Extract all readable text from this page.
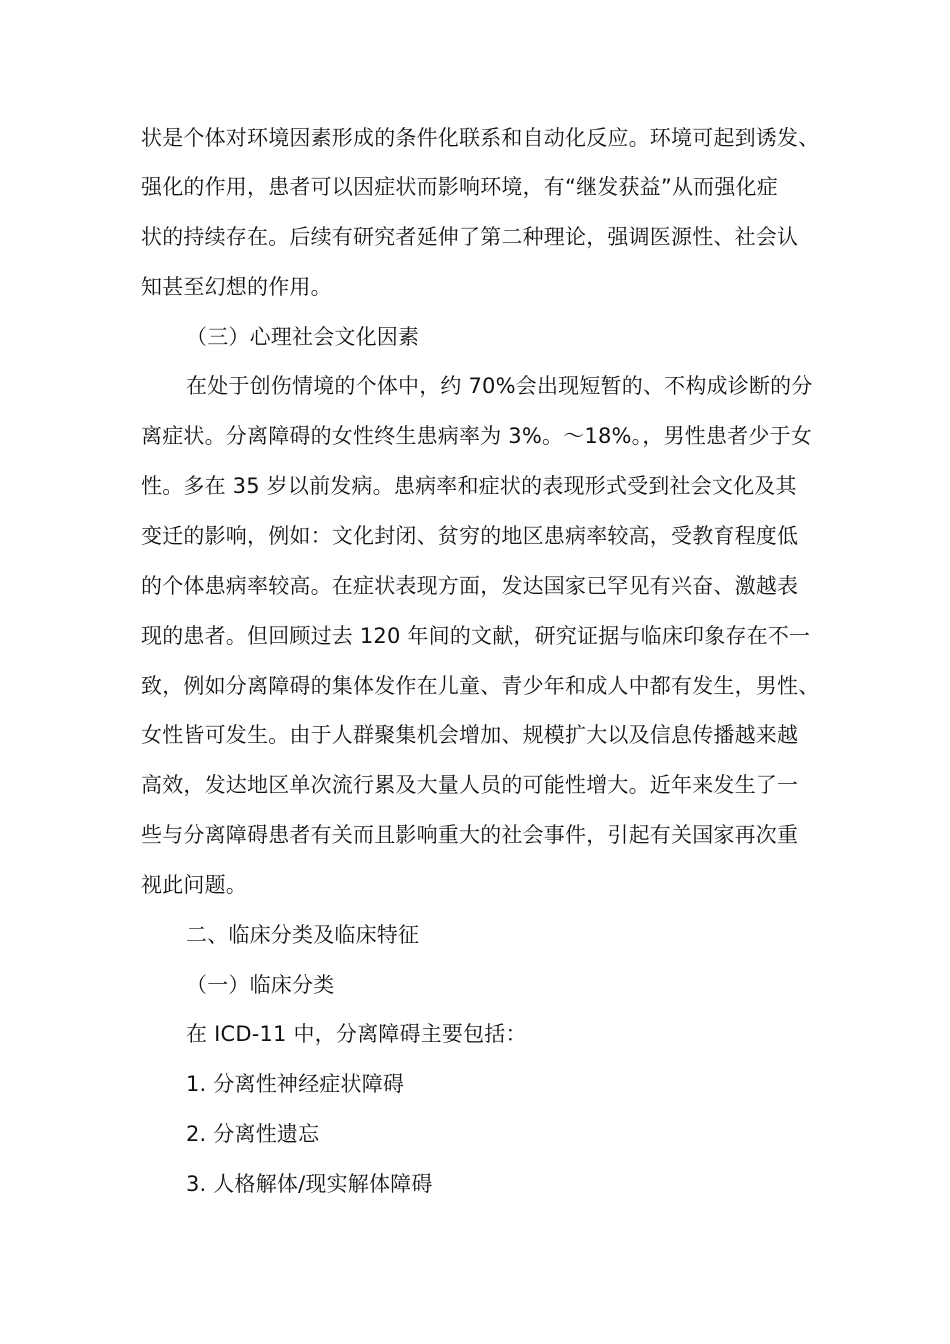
状是个体对环境因素形成的条件化联系和自动化反应。环境可起到诱发、
强化的作用，患者可以因症状而影响环境，有“继发获益”从而强化症
状的持续存在。后续有研究者延伸了第二种理论，强调医源性、社会认
知甚至幻想的作用。
（三）心理社会文化因素
在处于创伤情境的个体中，约 70%会出现短暂的、不构成诊断的分
离症状。分离障碍的女性终生患病率为 3%。～18%。，男性患者少于女
性。多在 35 岁以前发病。患病率和症状的表现形式受到社会文化及其
变迁的影响，例如：文化封闭、贫穷的地区患病率较高，受教育程度低
的个体患病率较高。在症状表现方面，发达国家已罕见有兴奋、激越表
现的患者。但回顾过去 120 年间的文献，研究证据与临床印象存在不一
致，例如分离障碍的集体发作在儿童、青少年和成人中都有发生，男性、
女性皆可发生。由于人群聚集机会增加、规模扩大以及信息传播越来越
高效，发达地区单次流行累及大量人员的可能性增大。近年来发生了一
些与分离障碍患者有关而且影响重大的社会事件，引起有关国家再次重
视此问题。
二、临床分类及临床特征
（一）临床分类
在 ICD-11 中，分离障碍主要包括：
1. 分离性神经症状障碍
2. 分离性遗忘
3. 人格解体/现实解体障碍
